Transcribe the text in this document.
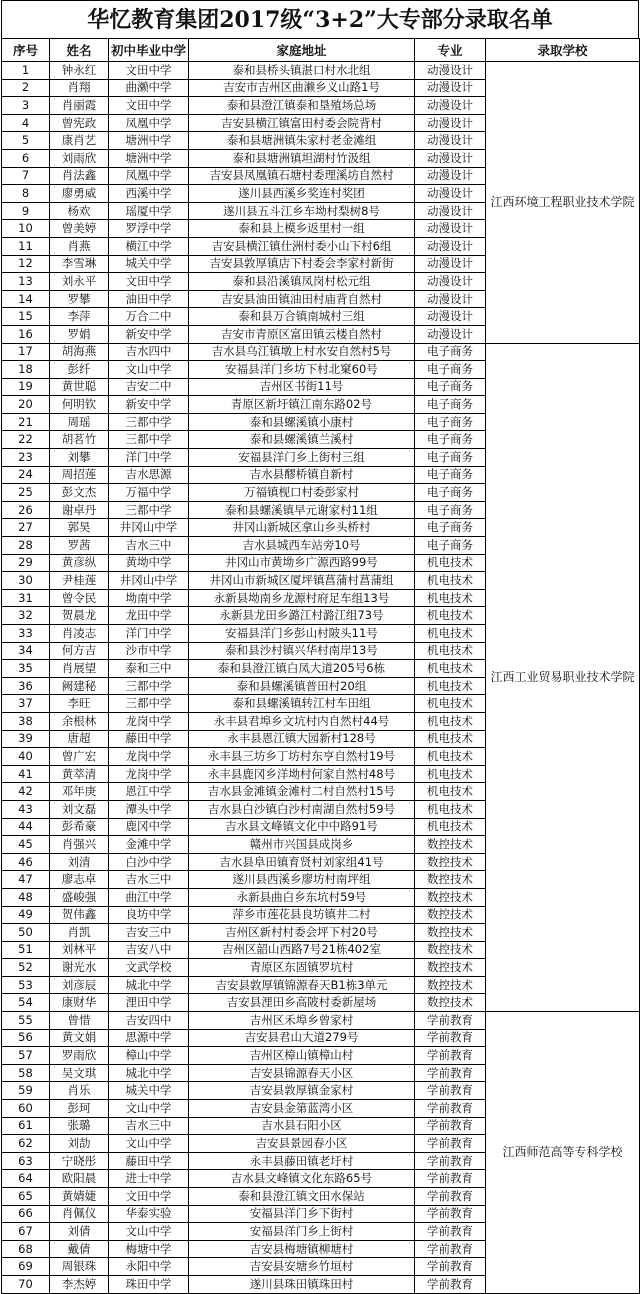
华忆教育集团2017级“3+2”大专部分录取名单
序号	姓名	初中毕业中学	家庭地址	专业	录取学校
1	钟永红	文田中学	泰和县桥头镇湛口村水北组	动漫设计	江西环境工程职业技术学院
2	肖翔	曲濑中学	吉安市吉州区曲濑乡义山路1号	动漫设计	
3	肖丽霞	文田中学	泰和县澄江镇泰和垦殖场总场	动漫设计	
4	曾宪政	凤凰中学	吉安县横江镇富田村委会院背村	动漫设计	
5	康肖艺	塘洲中学	泰和县塘洲镇朱家村老金滩组	动漫设计	
6	刘雨欣	塘洲中学	泰和县塘洲镇坦湖村竹汲组	动漫设计	
7	肖法鑫	凤凰中学	吉安县凤凰镇石塘村委理溪坊自然村	动漫设计	
8	廖勇威	西溪中学	遂川县西溪乡奖连村奖团	动漫设计	
9	杨欢	瑶厦中学	遂川县五斗江乡车坳村梨树8号	动漫设计	
10	曾美婷	罗浮中学	泰和县上模乡返里村一组	动漫设计	
11	肖燕	横江中学	吉安县横江镇仕洲村委小山下村6组	动漫设计	
12	李雪琳	城关中学	吉安县敦厚镇店下村委会李家村新街	动漫设计	
13	刘永平	文田中学	泰和县沿溪镇凤岗村松元组	动漫设计	
14	罗攀	油田中学	吉安县油田镇油田村庙背自然村	动漫设计	
15	李萍	万合二中	泰和县万合镇南城村三组	动漫设计	
16	罗娟	新安中学	吉安市青原区富田镇云楼自然村	动漫设计	
17	胡海燕	吉水四中	吉水县乌江镇墩上村水安自然村5号	电子商务	江西工业贸易职业技术学院
18	彭纤	文山中学	安福县洋门乡坊下村北窠60号	电子商务	
19	黄世聪	吉安二中	吉州区书街11号	电子商务	
20	何明钦	新安中学	青原区新圩镇江南东路02号	电子商务	
21	周瑶	三都中学	泰和县螺溪镇小康村	电子商务	
22	胡茗竹	三都中学	泰和县螺溪镇兰溪村	电子商务	
23	刘攀	洋门中学	安福县洋门乡上街村三组	电子商务	
24	周招莲	吉水思源	吉水县醪桥镇自新村	电子商务	
25	彭文杰	万福中学	万福镇枧口村委彭家村	电子商务	
26	谢卓丹	三都中学	泰和县螺溪镇早元谢家村11组	电子商务	
27	郭昊	井冈山中学	井冈山新城区拿山乡头桥村	电子商务	
28	罗茜	吉水三中	吉水县城西车站旁10号	电子商务	
29	黄彦纵	黄坳中学	井冈山市黄坳乡广源西路99号	机电技术	
30	尹桂莲	井冈山中学	井冈山市新城区厦坪镇菖蒲村菖蒲组	机电技术	
31	曾令民	坳南中学	永新县坳南乡龙源村府足车组13号	机电技术	
32	贺晨龙	龙田中学	永新县龙田乡潞江村潞江组73号	机电技术	
33	肖凌志	洋门中学	安福县洋门乡彭山村陂头11号	机电技术	
34	何方吉	沙市中学	泰和县沙村镇兴华村南岸13号	机电技术	
35	肖展望	泰和三中	泰和县澄江镇白凤大道205号6栋	机电技术	
36	阙建秘	三都中学	泰和县螺溪镇普田村20组	机电技术	
37	李旺	三都中学	泰和县螺溪镇转江村车田组	机电技术	
38	余根林	龙岗中学	永丰县君埠乡文坑村内自然村44号	机电技术	
39	唐超	藤田中学	永丰县恩江镇大园新村128号	机电技术	
40	曾广宏	龙岗中学	永丰县三坊乡丁坊村东亨自然村19号	机电技术	
41	黄萃清	龙岗中学	永丰县鹿冈乡洋坳村何家自然村48号	机电技术	
42	邓年庚	恩江中学	吉水县金滩镇金滩村二村自然村15号	机电技术	
43	刘文磊	潭头中学	吉水县白沙镇白沙村南湖自然村59号	机电技术	
44	彭希豪	鹿冈中学	吉水县文峰镇文化中中路91号	机电技术	
45	肖强兴	金滩中学	赣州市兴国县成岗乡	数控技术	
46	刘清	白沙中学	吉水县阜田镇育贤村刘家组41号	数控技术	
47	廖志卓	吉水三中	遂川县西溪乡廖坊村南坪组	数控技术	
48	盛峻强	曲江中学	永新县曲白乡东坑村59号	数控技术	
49	贺伟鑫	良坊中学	萍乡市莲花县良坊镇井二村	数控技术	
50	肖凯	吉安三中	吉州区新村村委会坪下村20号	数控技术	
51	刘林平	吉安八中	吉州区韶山西路7号21栋402室	数控技术	
52	谢光水	文武学校	青原区东固镇罗坑村	数控技术	
53	刘彦辰	城北中学	吉安县敦厚镇锦源春天B1栋3单元	数控技术	
54	康财华	浬田中学	吉安县浬田乡高陂村委新屋场	数控技术	
55	曾惜	吉安四中	吉州区禾埠乡曾家村	学前教育	江西师范高等专科学校
56	黄文娟	思源中学	吉安县君山大道279号	学前教育	
57	罗雨欣	樟山中学	吉州区樟山镇樟山村	学前教育	
58	吴文琪	城北中学	吉安县锦源春天小区	学前教育	
59	肖乐	城关中学	吉安县敦厚镇金家村	学前教育	
60	彭珂	文山中学	吉安县金第蓝湾小区	学前教育	
61	张璐	吉水三中	吉水县石阳小区	学前教育	
62	刘劼	文山中学	吉安县景园春小区	学前教育	
63	宁晓彤	藤田中学	永丰县藤田镇老圩村	学前教育	
64	欧阳晨	进士中学	吉水县文峰镇文化东路65号	学前教育	
65	黄婧婕	文田中学	泰和县澄江镇文田水保站	学前教育	
66	肖佩仪	华泰实验	安福县洋门乡下街村	学前教育	
67	刘倩	文山中学	安福县洋门乡上街村	学前教育	
68	戴倩	梅塘中学	吉安县梅塘镇柳塘村	学前教育	
69	周银珠	永阳中学	吉安县安塘乡竹垣村	学前教育	
70	李杰婷	珠田中学	遂川县珠田镇珠田村	学前教育	
